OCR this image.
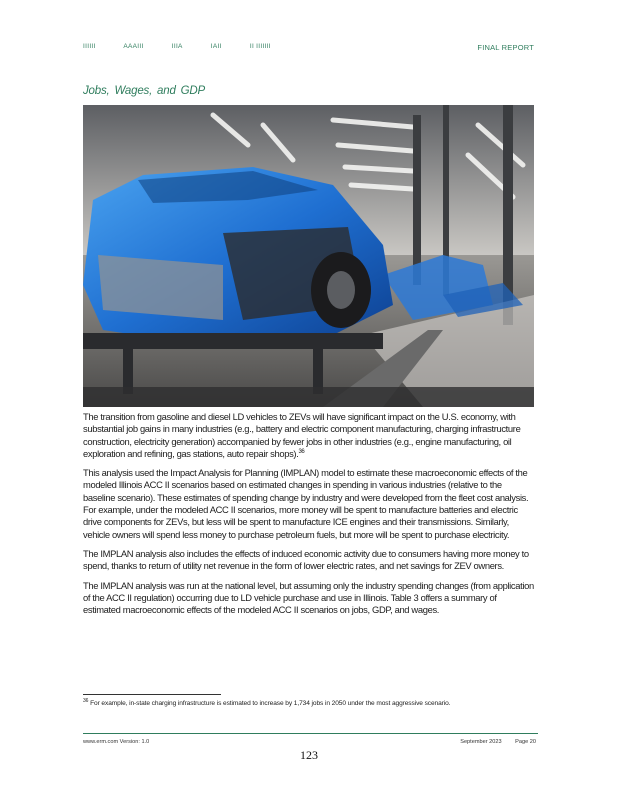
IIIIII	AAAIII	IIIA	IAII	II IIIIIII	FINAL REPORT
Jobs, Wages, and GDP

The transition from gasoline and diesel LD vehicles to ZEVs will have significant impact on the U.S. economy, with substantial job gains in many industries (e.g., battery and electric component manufacturing, charging infrastructure construction, electricity generation) accompanied by fewer jobs in other industries (e.g., engine manufacturing, oil exploration and refining, gas stations, auto repair shops).$^{36}$

This analysis used the Impact Analysis for Planning (IMPLAN) model to estimate these macroeconomic effects of the modeled Illinois ACC II scenarios based on estimated changes in spending in various industries (relative to the baseline scenario). These estimates of spending change by industry and were developed from the fleet cost analysis. For example, under the modeled ACC II scenarios, more money will be spent to manufacture batteries and electric drive components for ZEVs, but less will be spent to manufacture ICE engines and their transmissions. Similarly, vehicle owners will spend less money to purchase petroleum fuels, but more will be spent to purchase electricity.

The IMPLAN analysis also includes the effects of induced economic activity due to consumers having more money to spend, thanks to return of utility net revenue in the form of lower electric rates, and net savings for ZEV owners.

The IMPLAN analysis was run at the national level, but assuming only the industry spending changes (from application of the ACC II regulation) occurring due to LD vehicle purchase and use in Illinois. Table 3 offers a summary of estimated macroeconomic effects of the modeled ACC II scenarios on jobs, GDP, and wages.

$^{36}$ For example, in-state charging infrastructure is estimated to increase by 1,734 jobs in 2050 under the most aggressive scenario.
www.erm.com Version: 1.0	September 2023 Page 20
123
